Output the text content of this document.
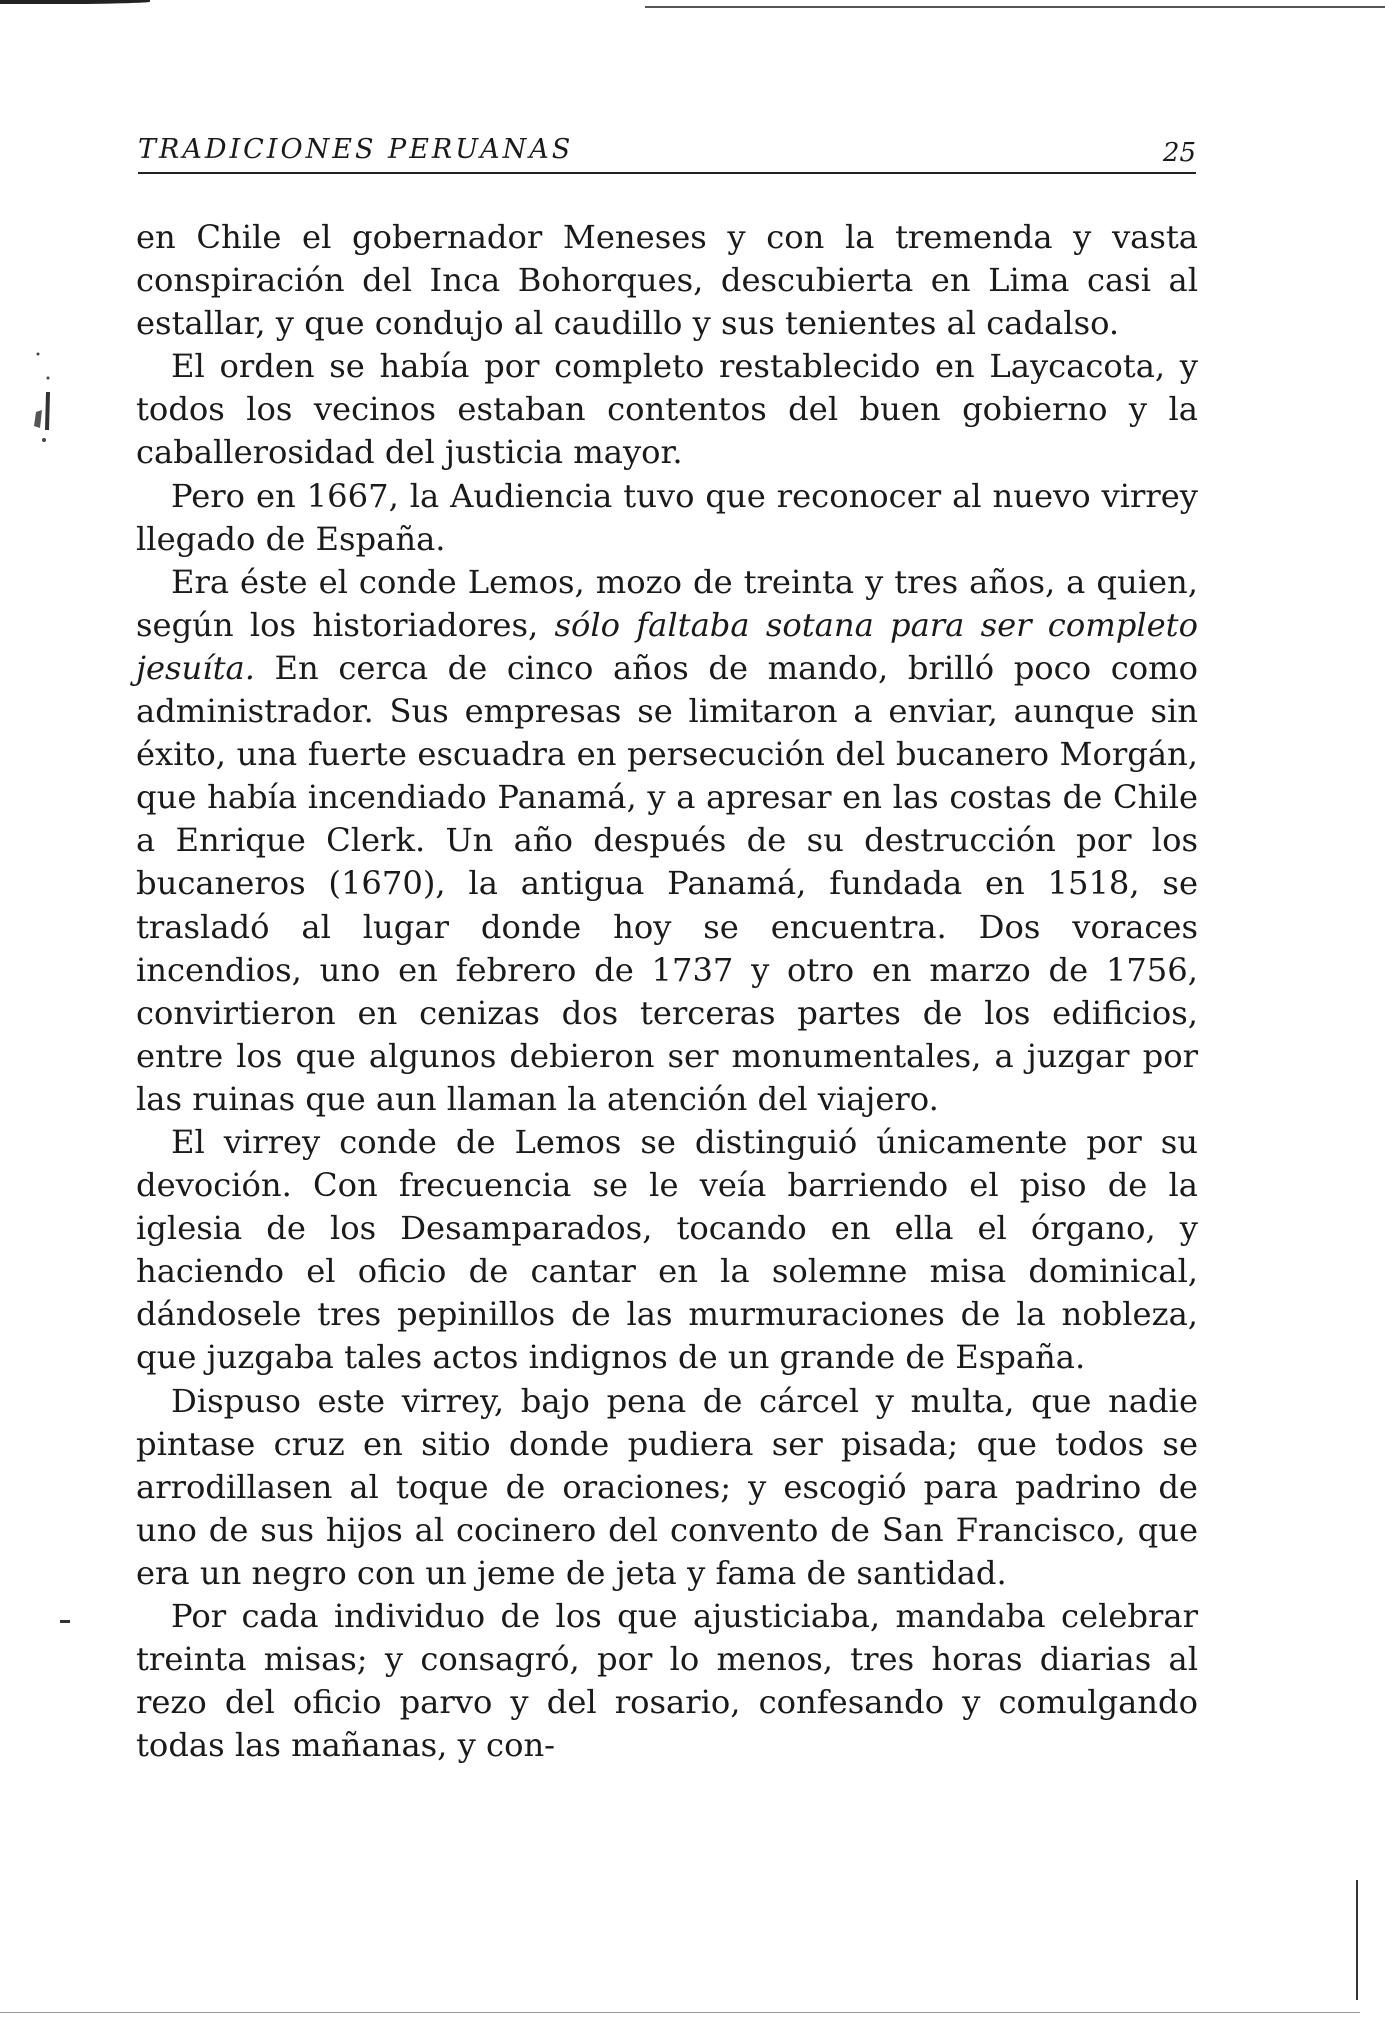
TRADICIONES PERUANAS	25

en Chile el gobernador Meneses y con la tremenda y vasta conspiración del Inca Bohorques, descubierta en Lima casi al estallar, y que condujo al caudillo y sus tenientes al cadalso.

El orden se había por completo restablecido en Laycacota, y todos los vecinos estaban contentos del buen gobierno y la caballerosidad del justicia mayor.

Pero en 1667, la Audiencia tuvo que reconocer al nuevo virrey llegado de España.

Era éste el conde Lemos, mozo de treinta y tres años, a quien, según los historiadores, sólo faltaba sotana para ser completo jesuíta. En cerca de cinco años de mando, brilló poco como administrador. Sus empresas se limitaron a enviar, aunque sin éxito, una fuerte escuadra en persecución del bucanero Morgán, que había incendiado Panamá, y a apresar en las costas de Chile a Enrique Clerk. Un año después de su destrucción por los bucaneros (1670), la antigua Panamá, fundada en 1518, se trasladó al lugar donde hoy se encuentra. Dos voraces incendios, uno en febrero de 1737 y otro en marzo de 1756, convirtieron en cenizas dos terceras partes de los edificios, entre los que algunos debieron ser monumentales, a juzgar por las ruinas que aun llaman la atención del viajero.

El virrey conde de Lemos se distinguió únicamente por su devoción. Con frecuencia se le veía barriendo el piso de la iglesia de los Desamparados, tocando en ella el órgano, y haciendo el oficio de cantar en la solemne misa dominical, dándosele tres pepinillos de las murmuraciones de la nobleza, que juzgaba tales actos indignos de un grande de España.

Dispuso este virrey, bajo pena de cárcel y multa, que nadie pintase cruz en sitio donde pudiera ser pisada; que todos se arrodillasen al toque de oraciones; y escogió para padrino de uno de sus hijos al cocinero del convento de San Francisco, que era un negro con un jeme de jeta y fama de santidad.

Por cada individuo de los que ajusticiaba, mandaba celebrar treinta misas; y consagró, por lo menos, tres horas diarias al rezo del oficio parvo y del rosario, confesando y comulgando todas las mañanas, y con-
